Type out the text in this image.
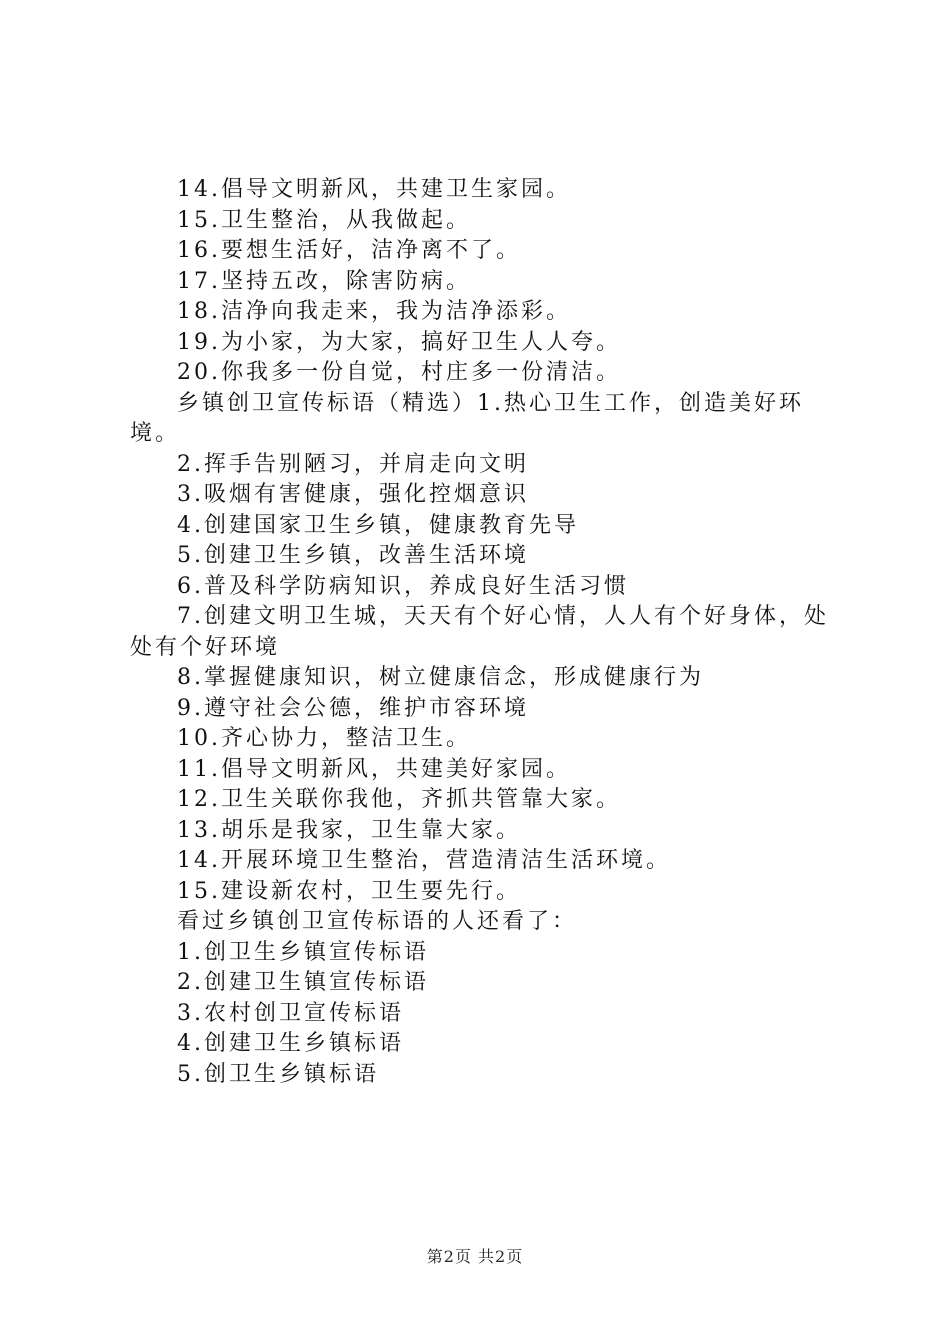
14.倡导文明新风，共建卫生家园。

15.卫生整治，从我做起。

16.要想生活好，洁净离不了。

17.坚持五改，除害防病。

18.洁净向我走来，我为洁净添彩。

19.为小家，为大家，搞好卫生人人夸。

20.你我多一份自觉，村庄多一份清洁。

乡镇创卫宣传标语（精选）1.热心卫生工作，创造美好环境。

2.挥手告别陋习，并肩走向文明

3.吸烟有害健康，强化控烟意识

4.创建国家卫生乡镇，健康教育先导

5.创建卫生乡镇，改善生活环境

6.普及科学防病知识，养成良好生活习惯

7.创建文明卫生城，天天有个好心情，人人有个好身体，处处有个好环境

8.掌握健康知识，树立健康信念，形成健康行为

9.遵守社会公德，维护市容环境

10.齐心协力，整洁卫生。

11.倡导文明新风，共建美好家园。

12.卫生关联你我他，齐抓共管靠大家。

13.胡乐是我家，卫生靠大家。

14.开展环境卫生整治，营造清洁生活环境。

15.建设新农村，卫生要先行。

看过乡镇创卫宣传标语的人还看了：

1.创卫生乡镇宣传标语

2.创建卫生镇宣传标语

3.农村创卫宣传标语

4.创建卫生乡镇标语

5.创卫生乡镇标语

第2页 共2页
